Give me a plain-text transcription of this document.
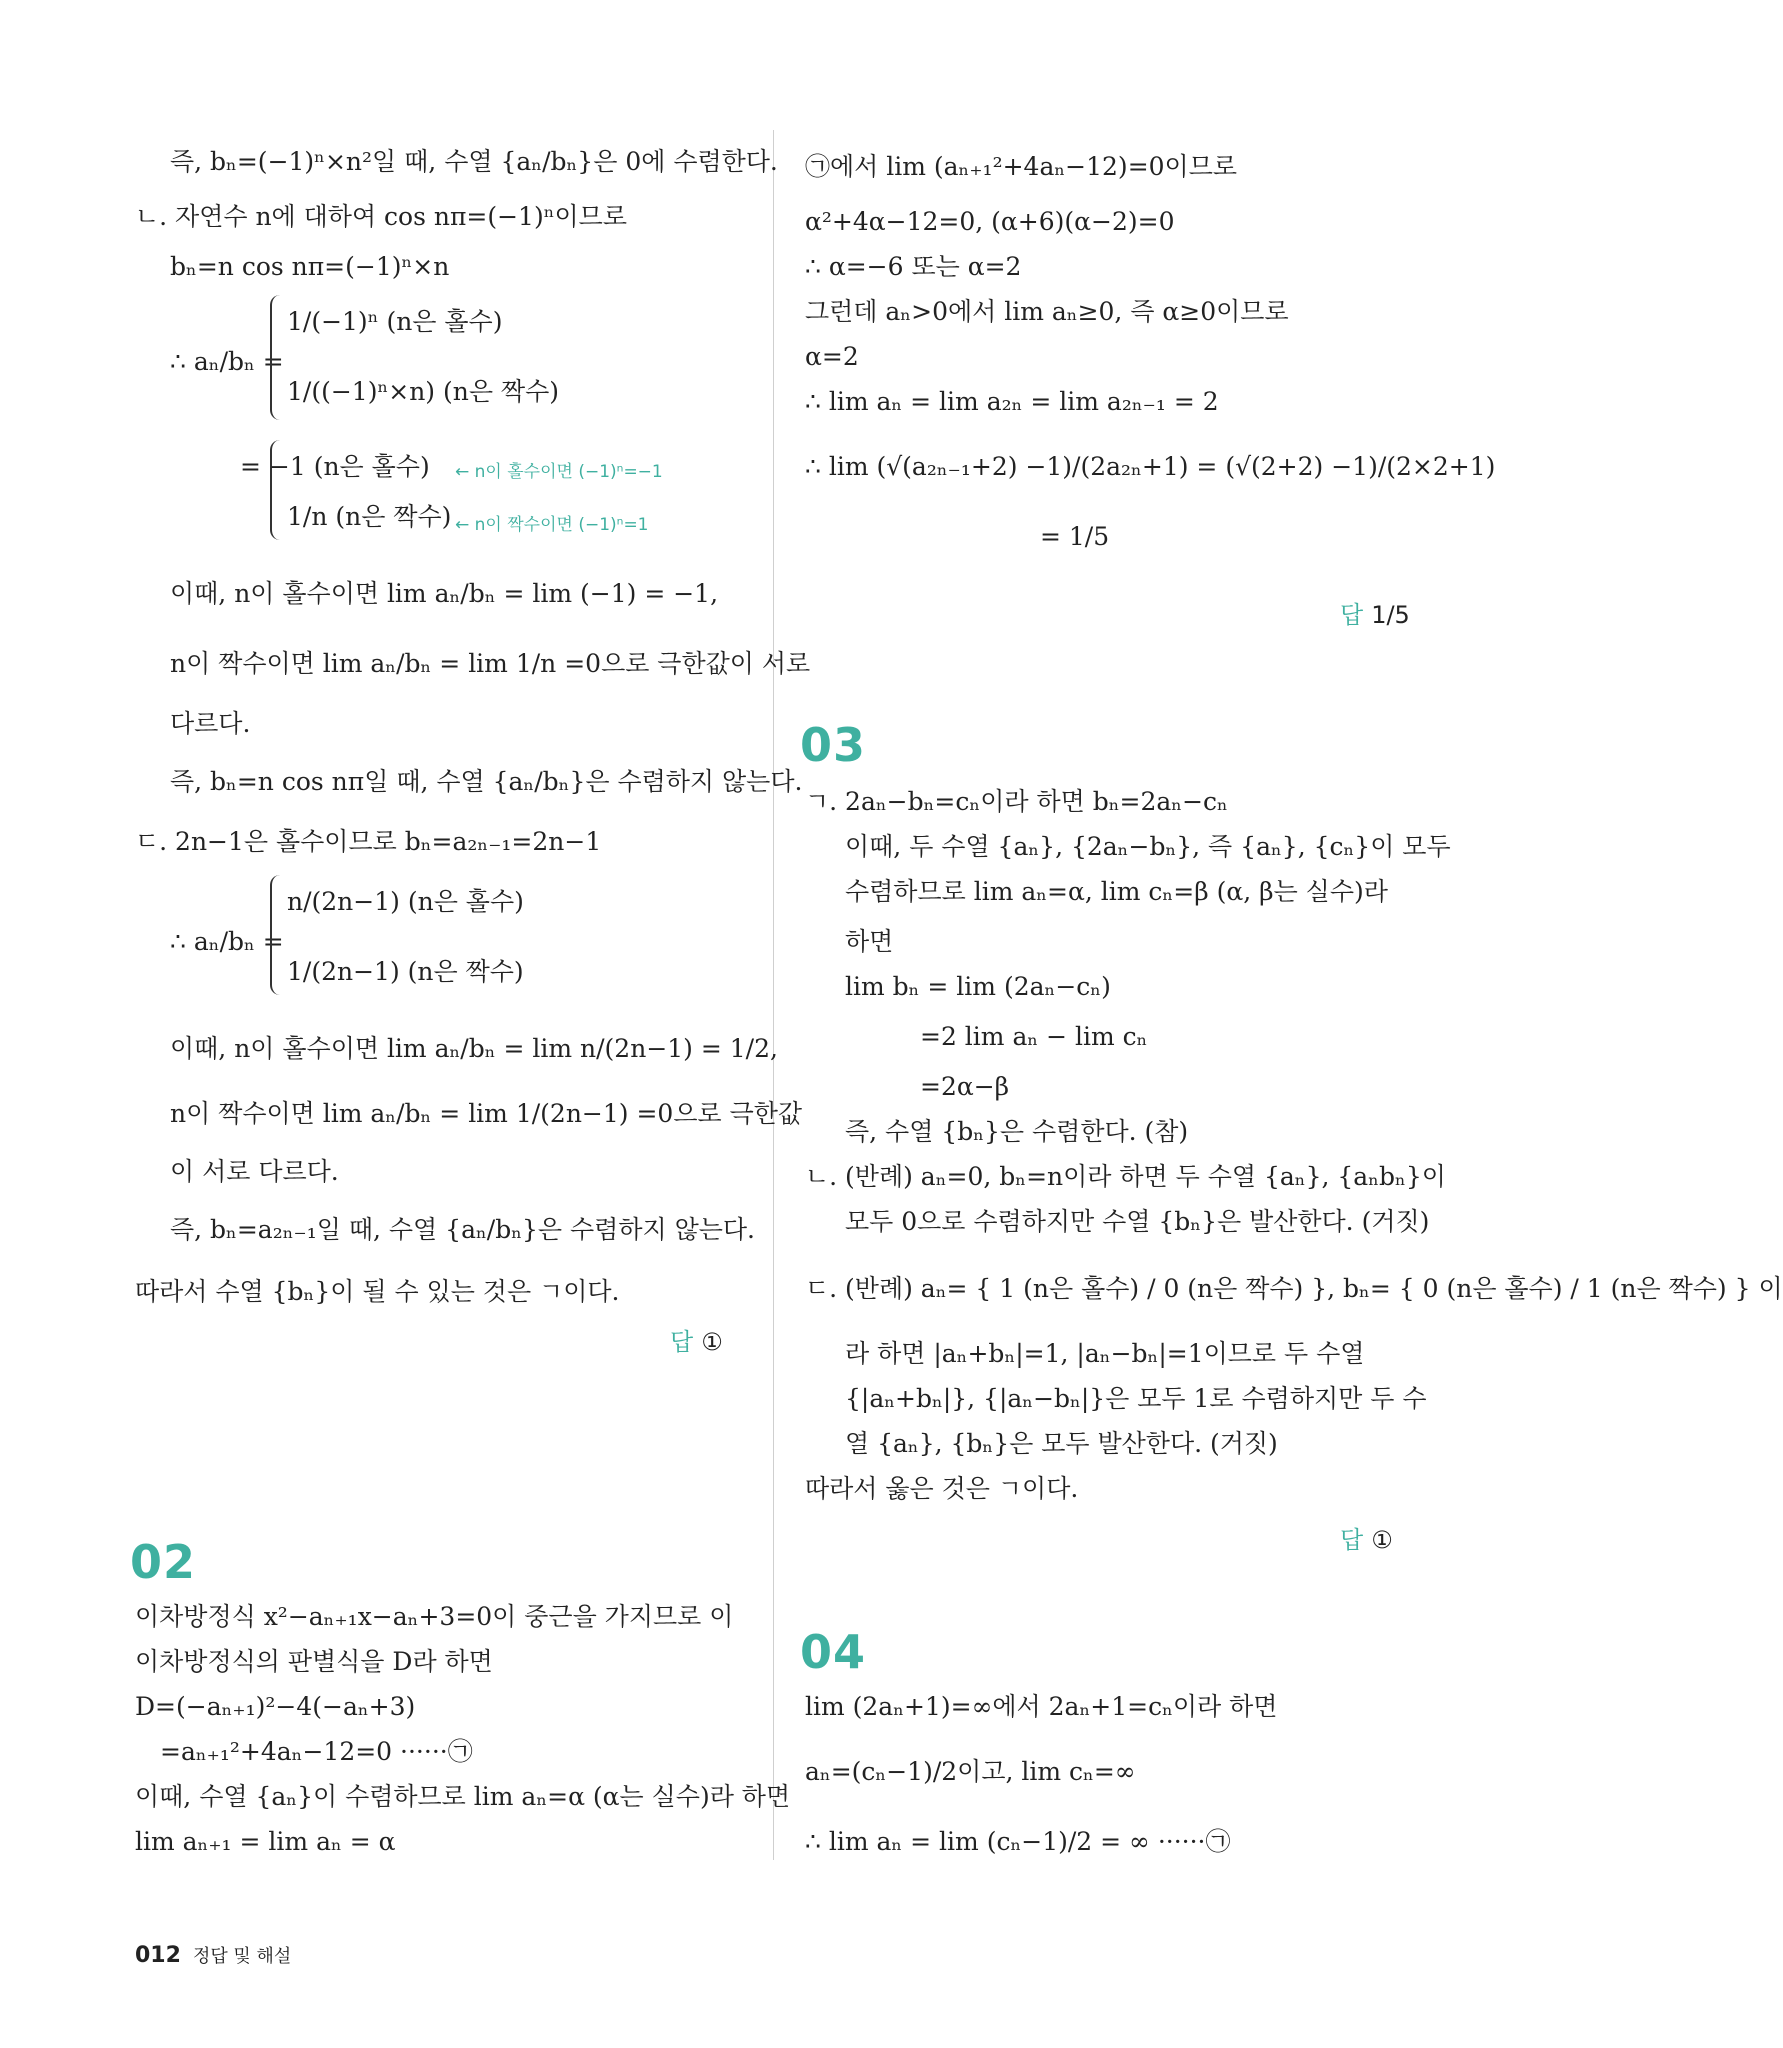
즉, bₙ=(−1)ⁿ×n²일 때, 수열 {aₙ/bₙ}은 0에 수렴한다.
ㄴ. 자연수 n에 대하여 cos nπ=(−1)ⁿ이므로
bₙ=n cos nπ=(−1)ⁿ×n
∴ aₙ/bₙ =
1/(−1)ⁿ (n은 홀수)
1/((−1)ⁿ×n) (n은 짝수)
= −1 (n은 홀수) ← n이 홀수이면 (−1)ⁿ=−1
1/n (n은 짝수) ← n이 짝수이면 (−1)ⁿ=1
이때, n이 홀수이면 lim aₙ/bₙ = lim (−1) = −1,
n이 짝수이면 lim aₙ/bₙ = lim 1/n =0으로 극한값이 서로
다르다.
즉, bₙ=n cos nπ일 때, 수열 {aₙ/bₙ}은 수렴하지 않는다.
ㄷ. 2n−1은 홀수이므로 bₙ=a₂ₙ₋₁=2n−1
∴ aₙ/bₙ =
n/(2n−1) (n은 홀수)
1/(2n−1) (n은 짝수)
이때, n이 홀수이면 lim aₙ/bₙ = lim n/(2n−1) = 1/2,
n이 짝수이면 lim aₙ/bₙ = lim 1/(2n−1) =0으로 극한값
이 서로 다르다.
즉, bₙ=a₂ₙ₋₁일 때, 수열 {aₙ/bₙ}은 수렴하지 않는다.
따라서 수열 {bₙ}이 될 수 있는 것은 ㄱ이다.
답 ①
02
이차방정식 x²−aₙ₊₁x−aₙ+3=0이 중근을 가지므로 이
이차방정식의 판별식을 D라 하면
D=(−aₙ₊₁)²−4(−aₙ+3)
=aₙ₊₁²+4aₙ−12=0 ······㉠
이때, 수열 {aₙ}이 수렴하므로 lim aₙ=α (α는 실수)라 하면
lim aₙ₊₁ = lim aₙ = α
㉠에서 lim (aₙ₊₁²+4aₙ−12)=0이므로
α²+4α−12=0, (α+6)(α−2)=0
∴ α=−6 또는 α=2
그런데 aₙ>0에서 lim aₙ≥0, 즉 α≥0이므로
α=2
∴ lim aₙ = lim a₂ₙ = lim a₂ₙ₋₁ = 2
∴ lim (√(a₂ₙ₋₁+2) −1)/(2a₂ₙ+1) = (√(2+2) −1)/(2×2+1)
= 1/5
답 1/5
03
ㄱ. 2aₙ−bₙ=cₙ이라 하면 bₙ=2aₙ−cₙ
이때, 두 수열 {aₙ}, {2aₙ−bₙ}, 즉 {aₙ}, {cₙ}이 모두
수렴하므로 lim aₙ=α, lim cₙ=β (α, β는 실수)라
하면
lim bₙ = lim (2aₙ−cₙ)
=2 lim aₙ − lim cₙ
=2α−β
즉, 수열 {bₙ}은 수렴한다. (참)
ㄴ. (반례) aₙ=0, bₙ=n이라 하면 두 수열 {aₙ}, {aₙbₙ}이
모두 0으로 수렴하지만 수열 {bₙ}은 발산한다. (거짓)
ㄷ. (반례) aₙ= { 1 (n은 홀수) / 0 (n은 짝수) }, bₙ= { 0 (n은 홀수) / 1 (n은 짝수) } 이
라 하면 |aₙ+bₙ|=1, |aₙ−bₙ|=1이므로 두 수열
{|aₙ+bₙ|}, {|aₙ−bₙ|}은 모두 1로 수렴하지만 두 수
열 {aₙ}, {bₙ}은 모두 발산한다. (거짓)
따라서 옳은 것은 ㄱ이다.
답 ①
04
lim (2aₙ+1)=∞에서 2aₙ+1=cₙ이라 하면
aₙ=(cₙ−1)/2이고, lim cₙ=∞
∴ lim aₙ = lim (cₙ−1)/2 = ∞ ······㉠
012 정답 및 해설
